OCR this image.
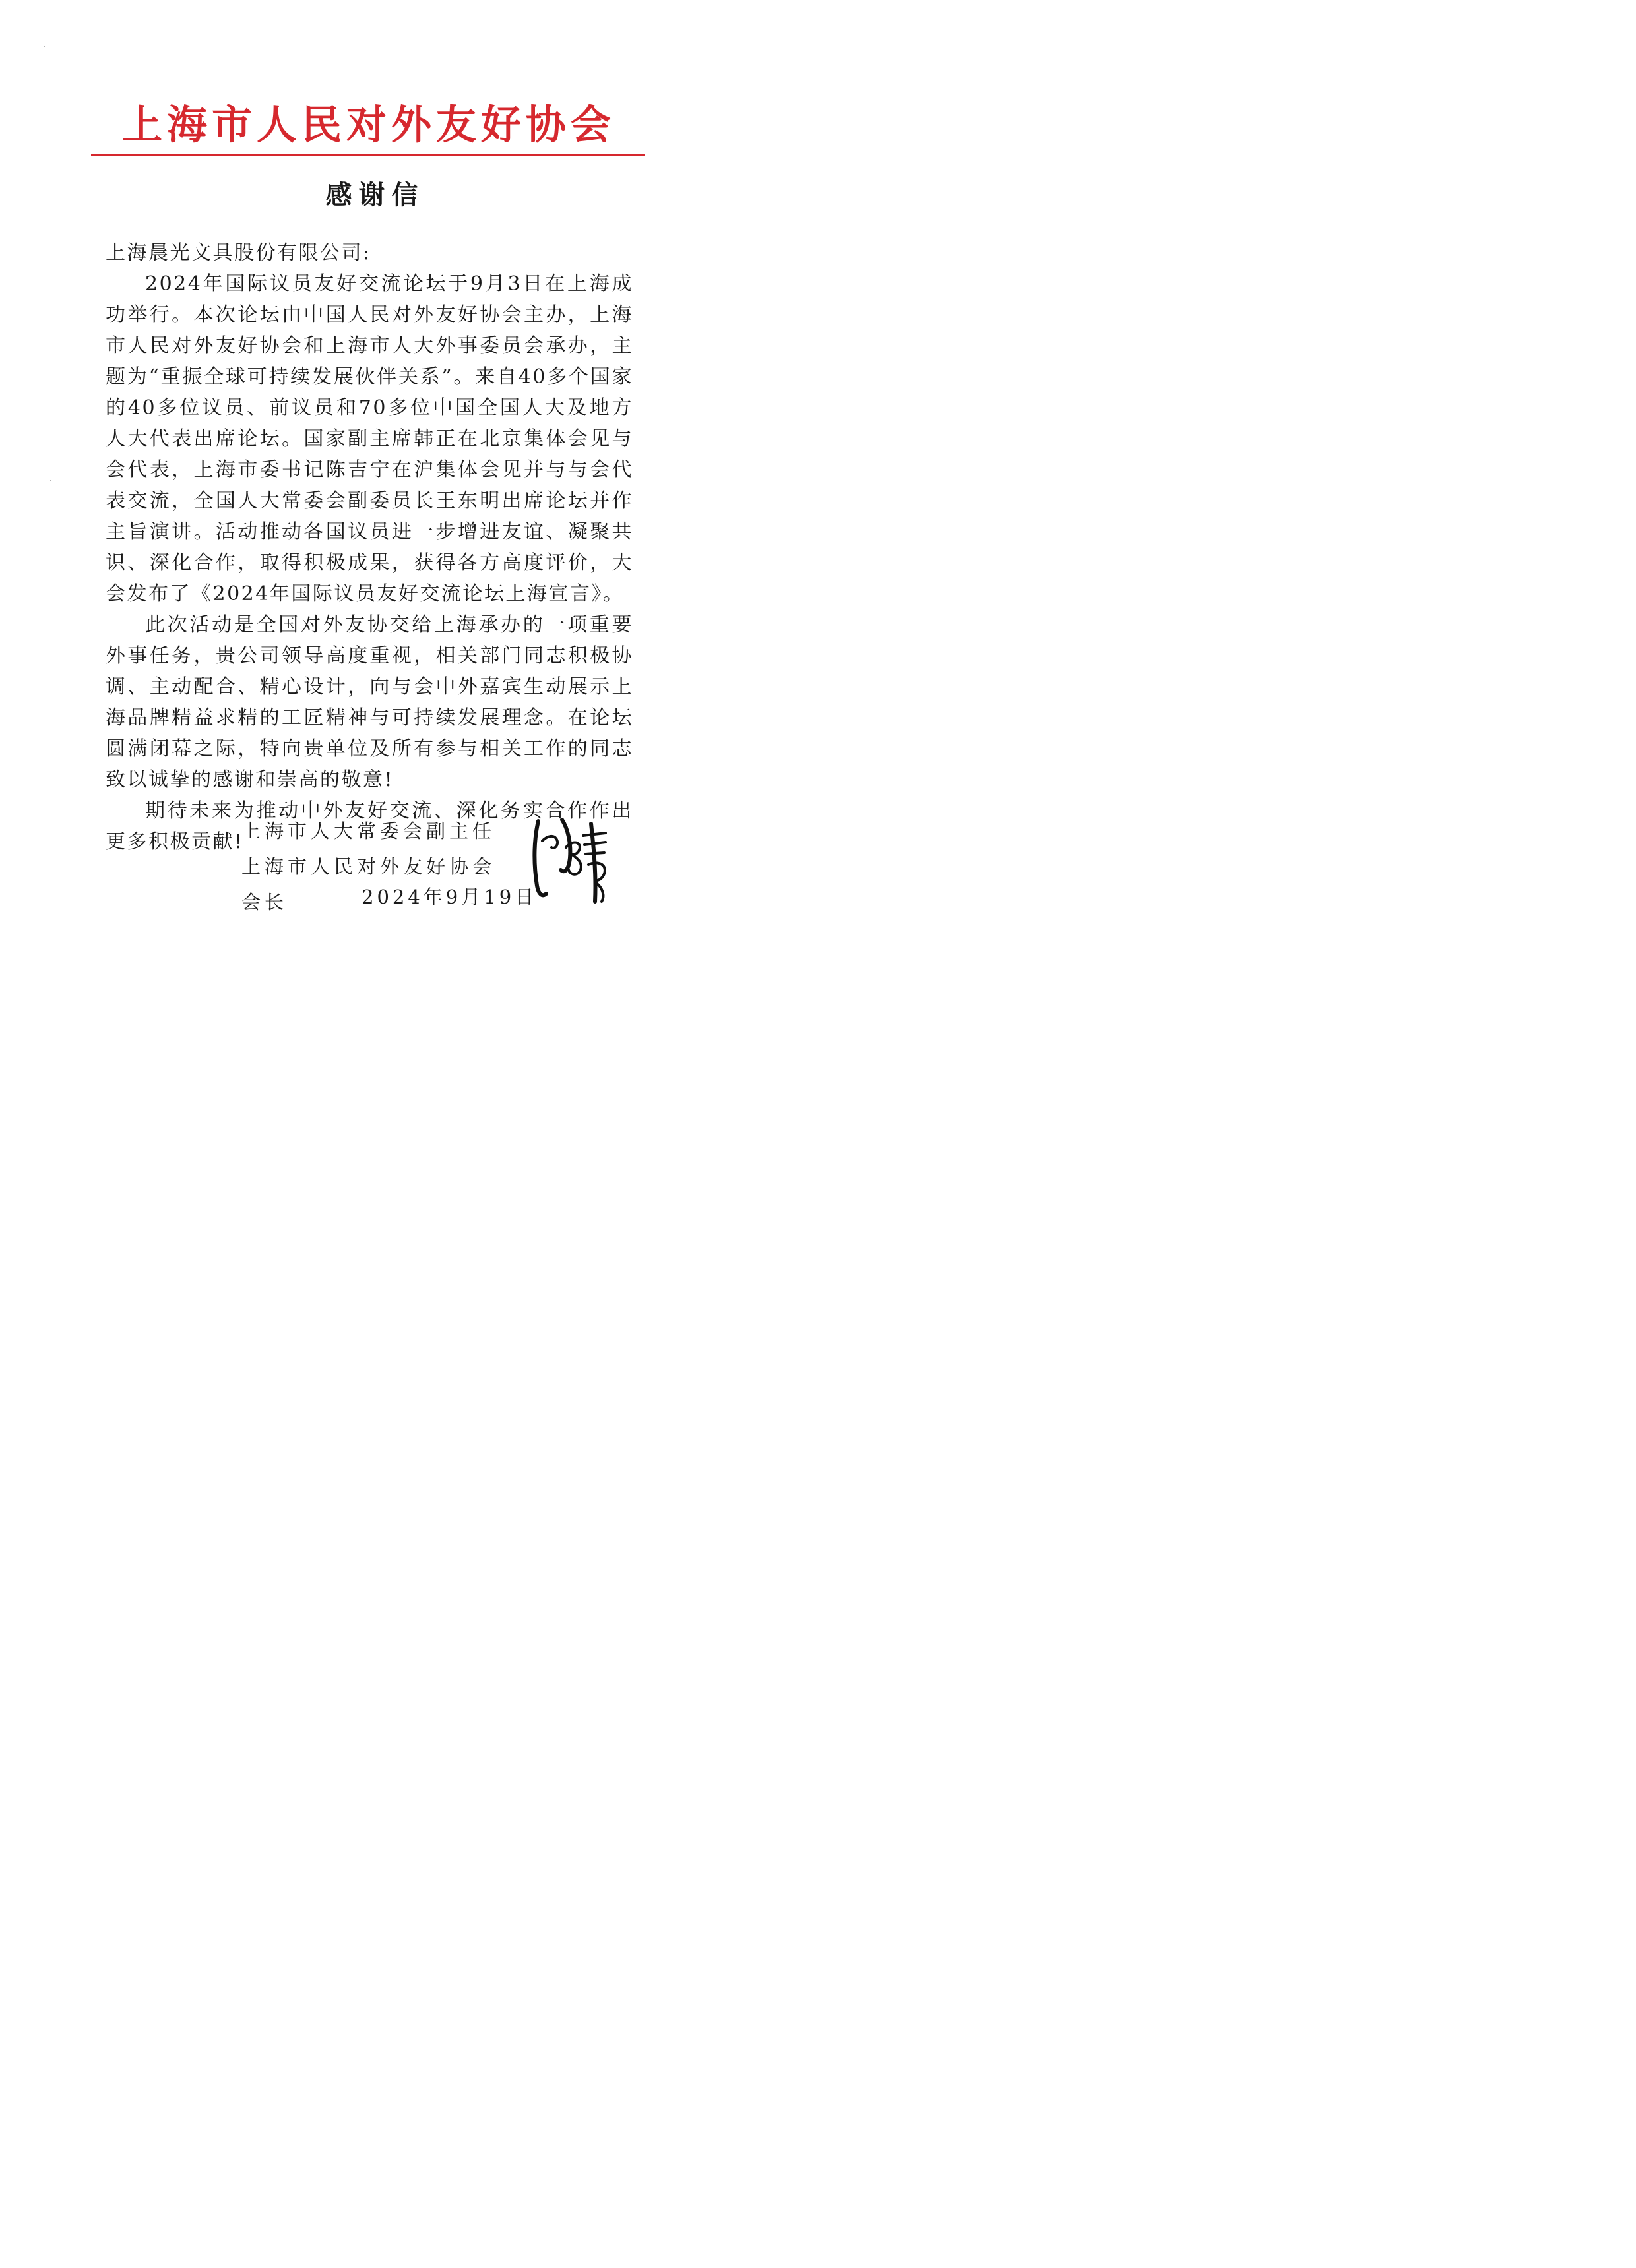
上海市人民对外友好协会
感谢信

上海晨光文具股份有限公司:

2024年国际议员友好交流论坛于9月3日在上海成功举行。本次论坛由中国人民对外友好协会主办，上海市人民对外友好协会和上海市人大外事委员会承办，主题为“重振全球可持续发展伙伴关系”。来自40多个国家的40多位议员、前议员和70多位中国全国人大及地方人大代表出席论坛。国家副主席韩正在北京集体会见与会代表，上海市委书记陈吉宁在沪集体会见并与与会代表交流，全国人大常委会副委员长王东明出席论坛并作主旨演讲。活动推动各国议员进一步增进友谊、凝聚共识、深化合作，取得积极成果，获得各方高度评价，大会发布了《2024年国际议员友好交流论坛上海宣言》。

此次活动是全国对外友协交给上海承办的一项重要外事任务，贵公司领导高度重视，相关部门同志积极协调、主动配合、精心设计，向与会中外嘉宾生动展示上海品牌精益求精的工匠精神与可持续发展理念。在论坛圆满闭幕之际，特向贵单位及所有参与相关工作的同志致以诚挚的感谢和崇高的敬意!

期待未来为推动中外友好交流、深化务实合作作出更多积极贡献!

上海市人大常委会副主任
上海市人民对外友好协会会长	2024年9月19日
